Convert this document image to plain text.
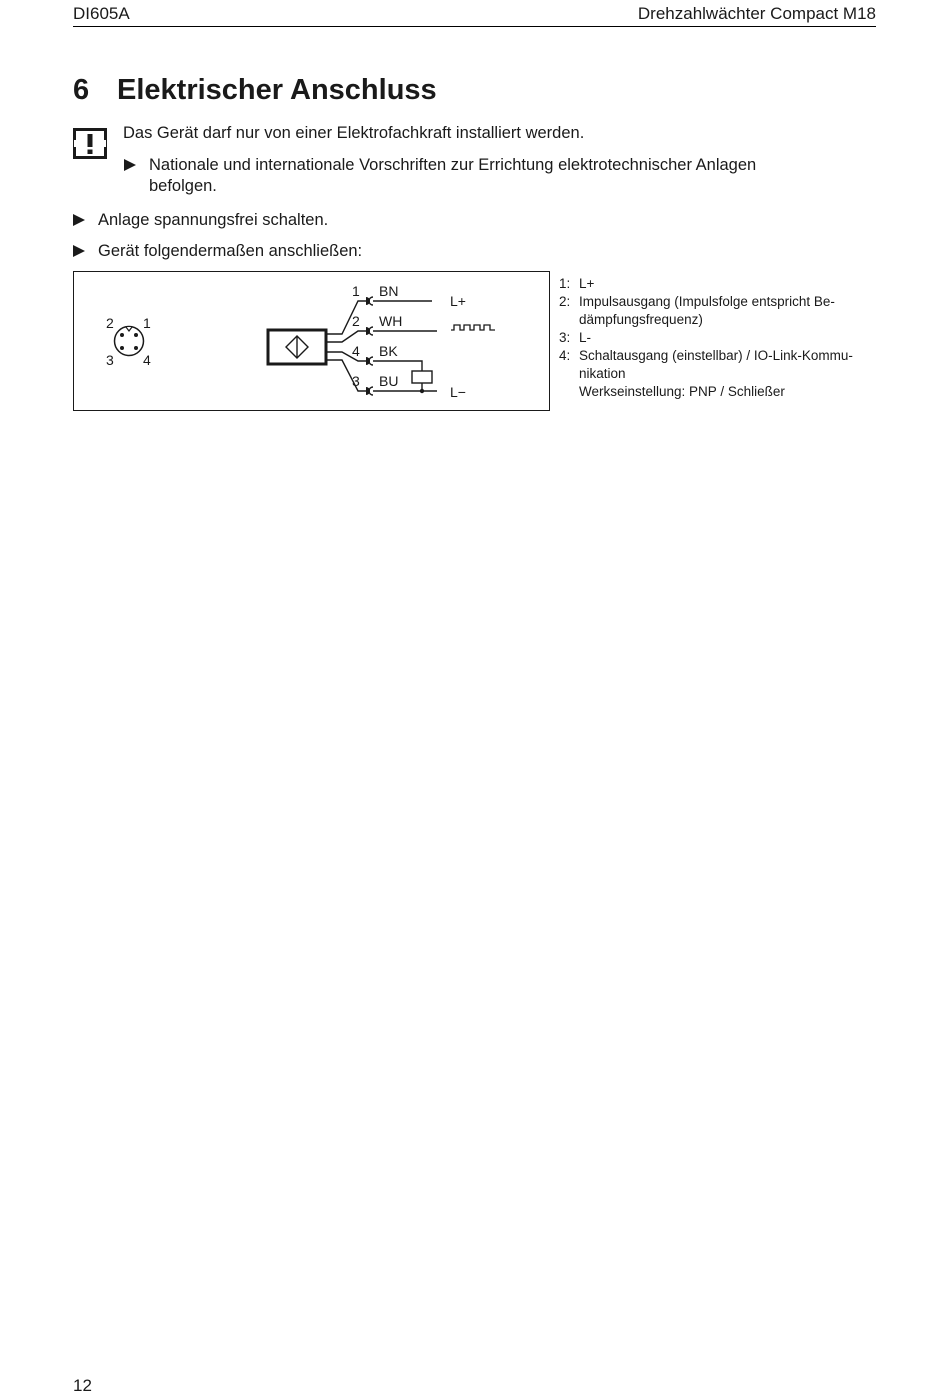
DI605A	Drehzahlwächter Compact M18
6 Elektrischer Anschluss
Das Gerät darf nur von einer Elektrofachkraft installiert werden.
Nationale und internationale Vorschriften zur Errichtung elektrotechnischer Anlagen befolgen.
Anlage spannungsfrei schalten.
Gerät folgendermaßen anschließen:
2 1
3 4
1 BN
2 WH
4 BK
3 BU
L+
L−
1: L+
2: Impulsausgang (Impulsfolge entspricht Be-dämpfungsfrequenz)
3: L-
4: Schaltausgang (einstellbar) / IO-Link-Kommu-nikation
Werkseinstellung: PNP / Schließer
12
